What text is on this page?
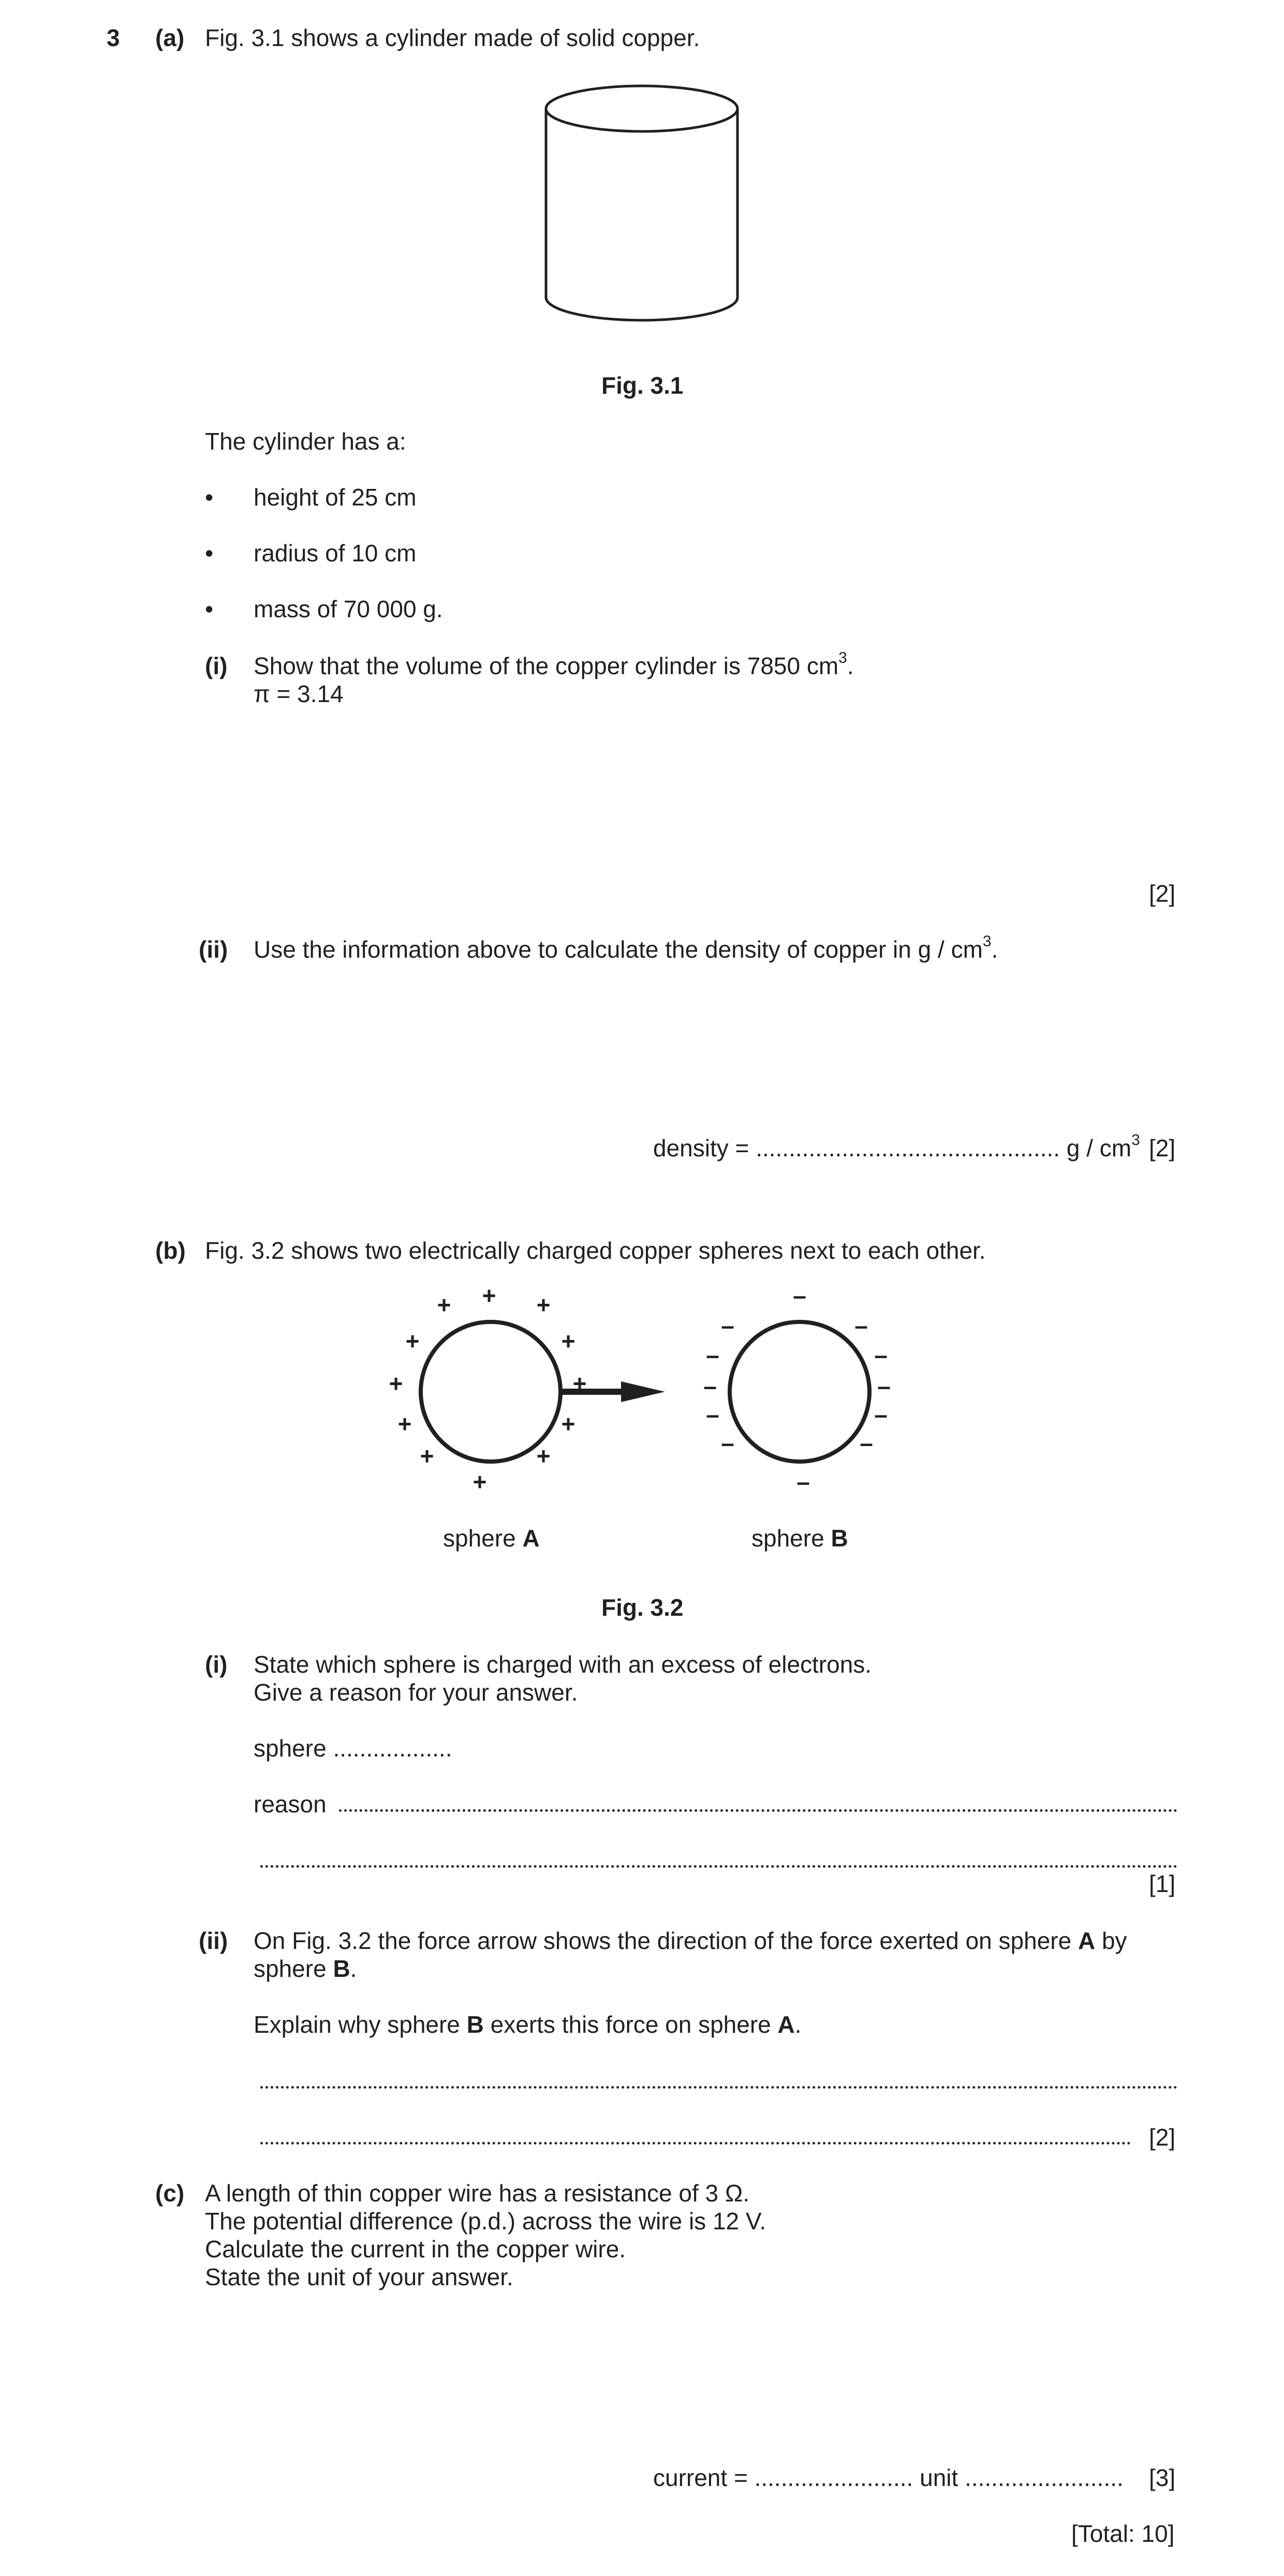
3 (a) Fig. 3.1 shows a cylinder made of solid copper.
Fig. 3.1
The cylinder has a:
• height of 25 cm
• radius of 10 cm
• mass of 70 000 g.
(i) Show that the volume of the copper cylinder is 7850 $cm^3$.
π = 3.14
[2]
(ii) Use the information above to calculate the density of copper in g / $cm^3$.
density = .............................................. g / $cm^3$ [2]
(b) Fig. 3.2 shows two electrically charged copper spheres next to each other.
+
+	+
+	+
+	+
+	+
+	+
+
–
–	–
–	–
–	–
–	–
–	–
–
sphere A	sphere B
Fig. 3.2
(i) State which sphere is charged with an excess of electrons.
Give a reason for your answer.
sphere ..................
reason
[1]
(ii) On Fig. 3.2 the force arrow shows the direction of the force exerted on sphere A by
sphere B.
Explain why sphere B exerts this force on sphere A.
[2]
(c) A length of thin copper wire has a resistance of 3 Ω.
The potential difference (p.d.) across the wire is 12 V.
Calculate the current in the copper wire.
State the unit of your answer.
current = ........................ unit ........................ [3]
[Total: 10]
